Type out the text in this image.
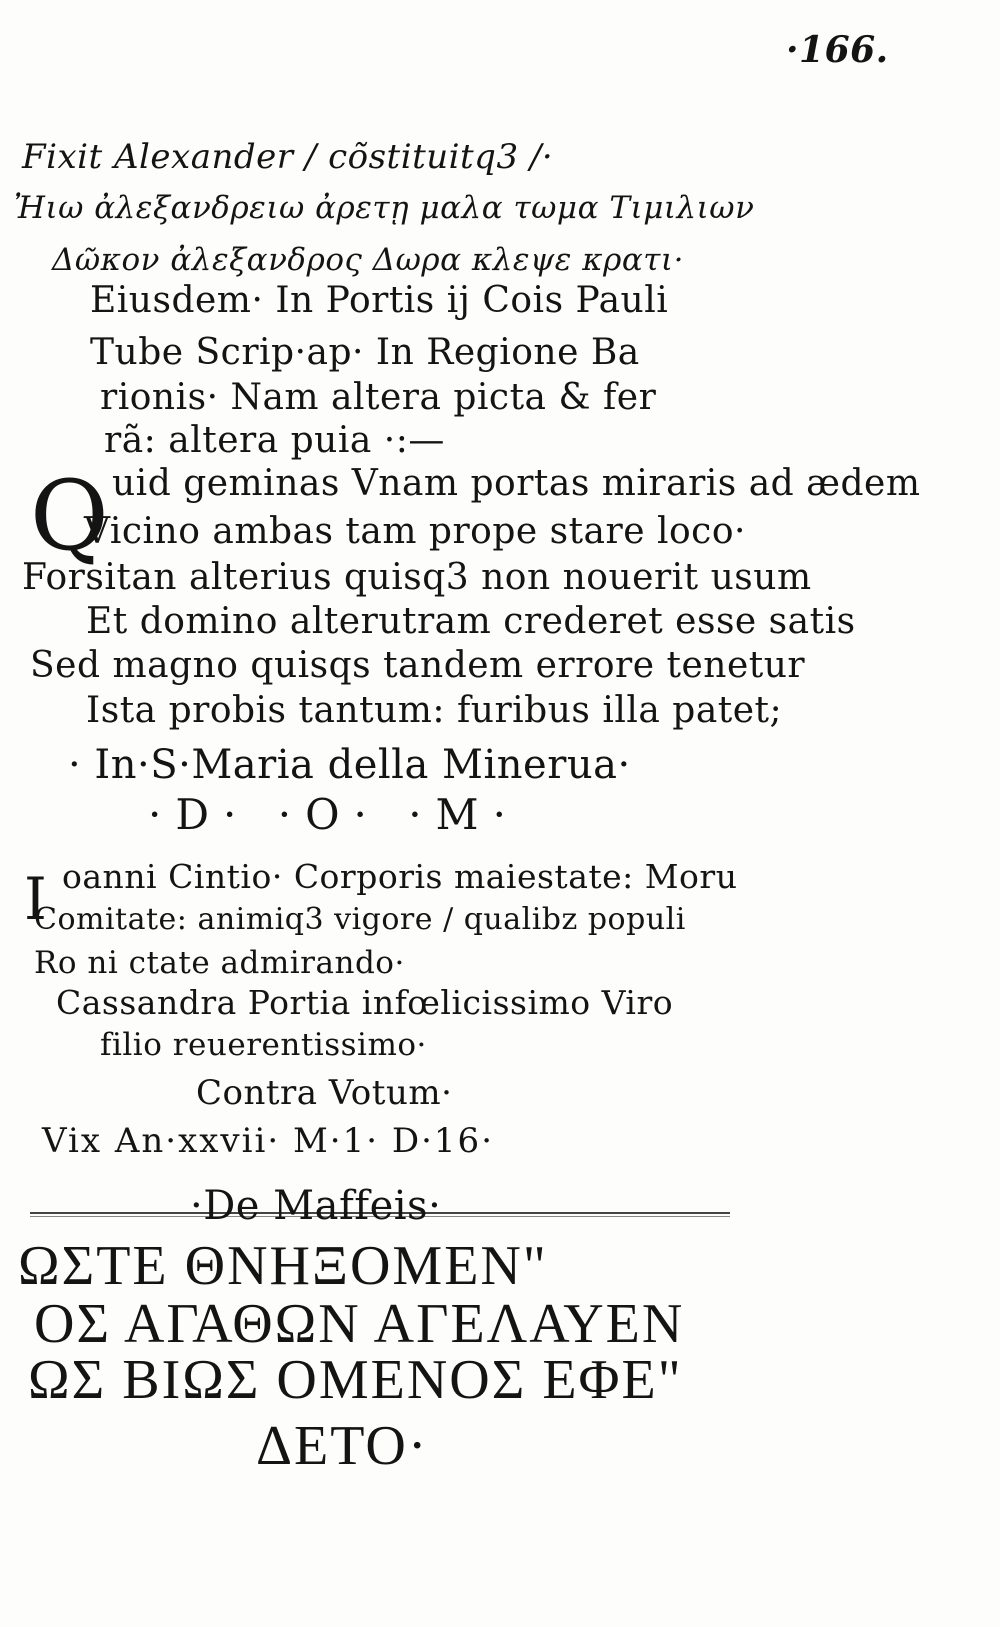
·166.
Fixit Alexander / cõstituitq3 /·
Ἠιω ἀλεξανδρειω ἀρετῃ μαλα τωμα Τιμιλιων
Δῶκον ἀλεξανδρος Δωρα κλεψε κρατι·
Eiusdem· In Portis ij Cois Pauli
Tube Scrip·ap· In Regione Ba
rionis· Nam altera picta & fer
rã: altera puia ·:—
Q uid geminas Vnam portas miraris ad ædem
Vicino ambas tam prope stare loco·
Forsitan alterius quisq3 non nouerit usum
Et domino alterutram crederet esse satis
Sed magno quisqs tandem errore tenetur
Ista probis tantum: furibus illa patet;
· In·S·Maria della Minerua·
·D· ·O· ·M·
I oanni Cintio· Corporis maiestate: Moru
Comitate: animiq3 vigore / qualibz populi
Ro ni ctate admirando·
Cassandra Portia infœlicissimo Viro
filio reuerentissimo·
Contra Votum·
Vix An·xxvii· M·1· D·16·
·De Maffeis·
ΩΣΤΕ ΘΝΗΞΟΜΕΝ"
ΟΣ ΑΓΑΘΩΝ ΑΓΕΛΑΥΕΝ
ΩΣ ΒΙΩΣ ΟΜΕΝΟΣ ΕΦΕ"
ΔΕΤΟ·
